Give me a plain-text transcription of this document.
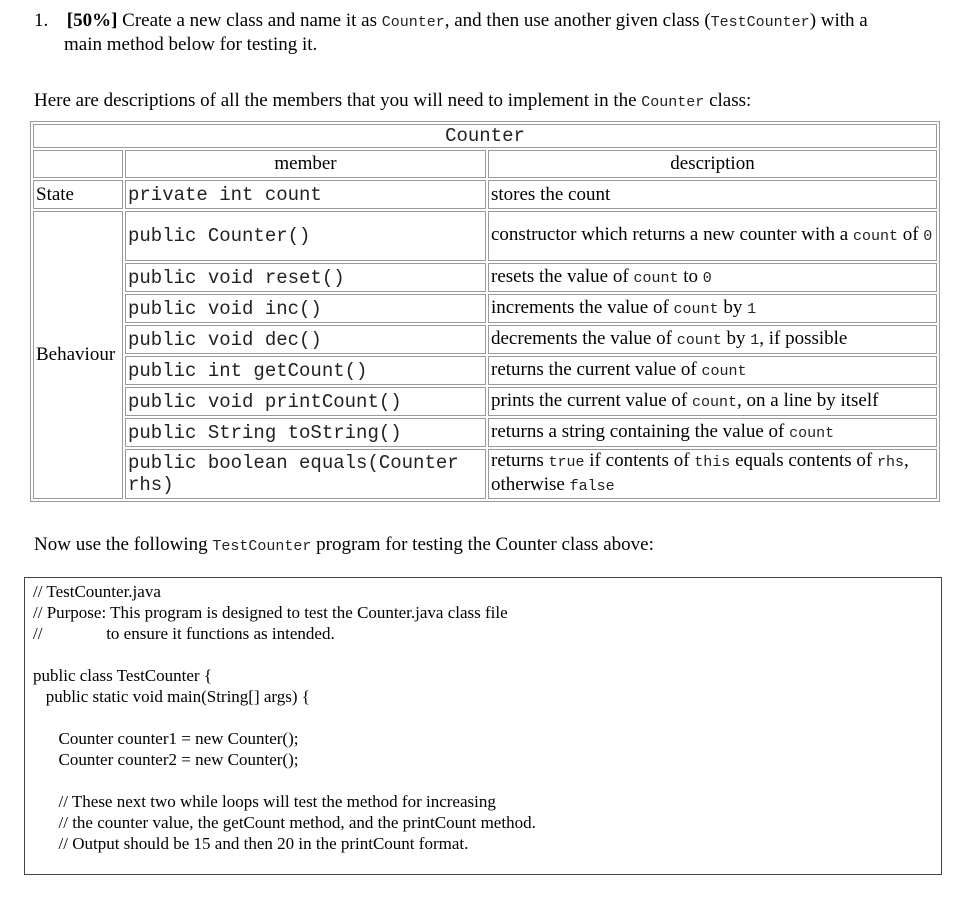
1. [50%] Create a new class and name it as Counter, and then use another given class (TestCounter) with a
main method below for testing it.
Here are descriptions of all the members that you will need to implement in the Counter class:
Counter		
	member	description
State	private int count	stores the count
Behaviour	public Counter()	constructor which returns a new counter with a count of 0
	public void reset()	resets the value of count to 0
	public void inc()	increments the value of count by 1
	public void dec()	decrements the value of count by 1, if possible
	public int getCount()	returns the current value of count
	public void printCount()	prints the current value of count, on a line by itself
	public String toString()	returns a string containing the value of count
	public boolean equals(Counter rhs)	returns true if contents of this equals contents of rhs, otherwise false
Now use the following TestCounter program for testing the Counter class above:
// TestCounter.java
// Purpose: This program is designed to test the Counter.java class file
//               to ensure it functions as intended.
public class TestCounter {
public static void main(String[] args) {
Counter counter1 = new Counter();
Counter counter2 = new Counter();
// These next two while loops will test the method for increasing
// the counter value, the getCount method, and the printCount method.
// Output should be 15 and then 20 in the printCount format.
